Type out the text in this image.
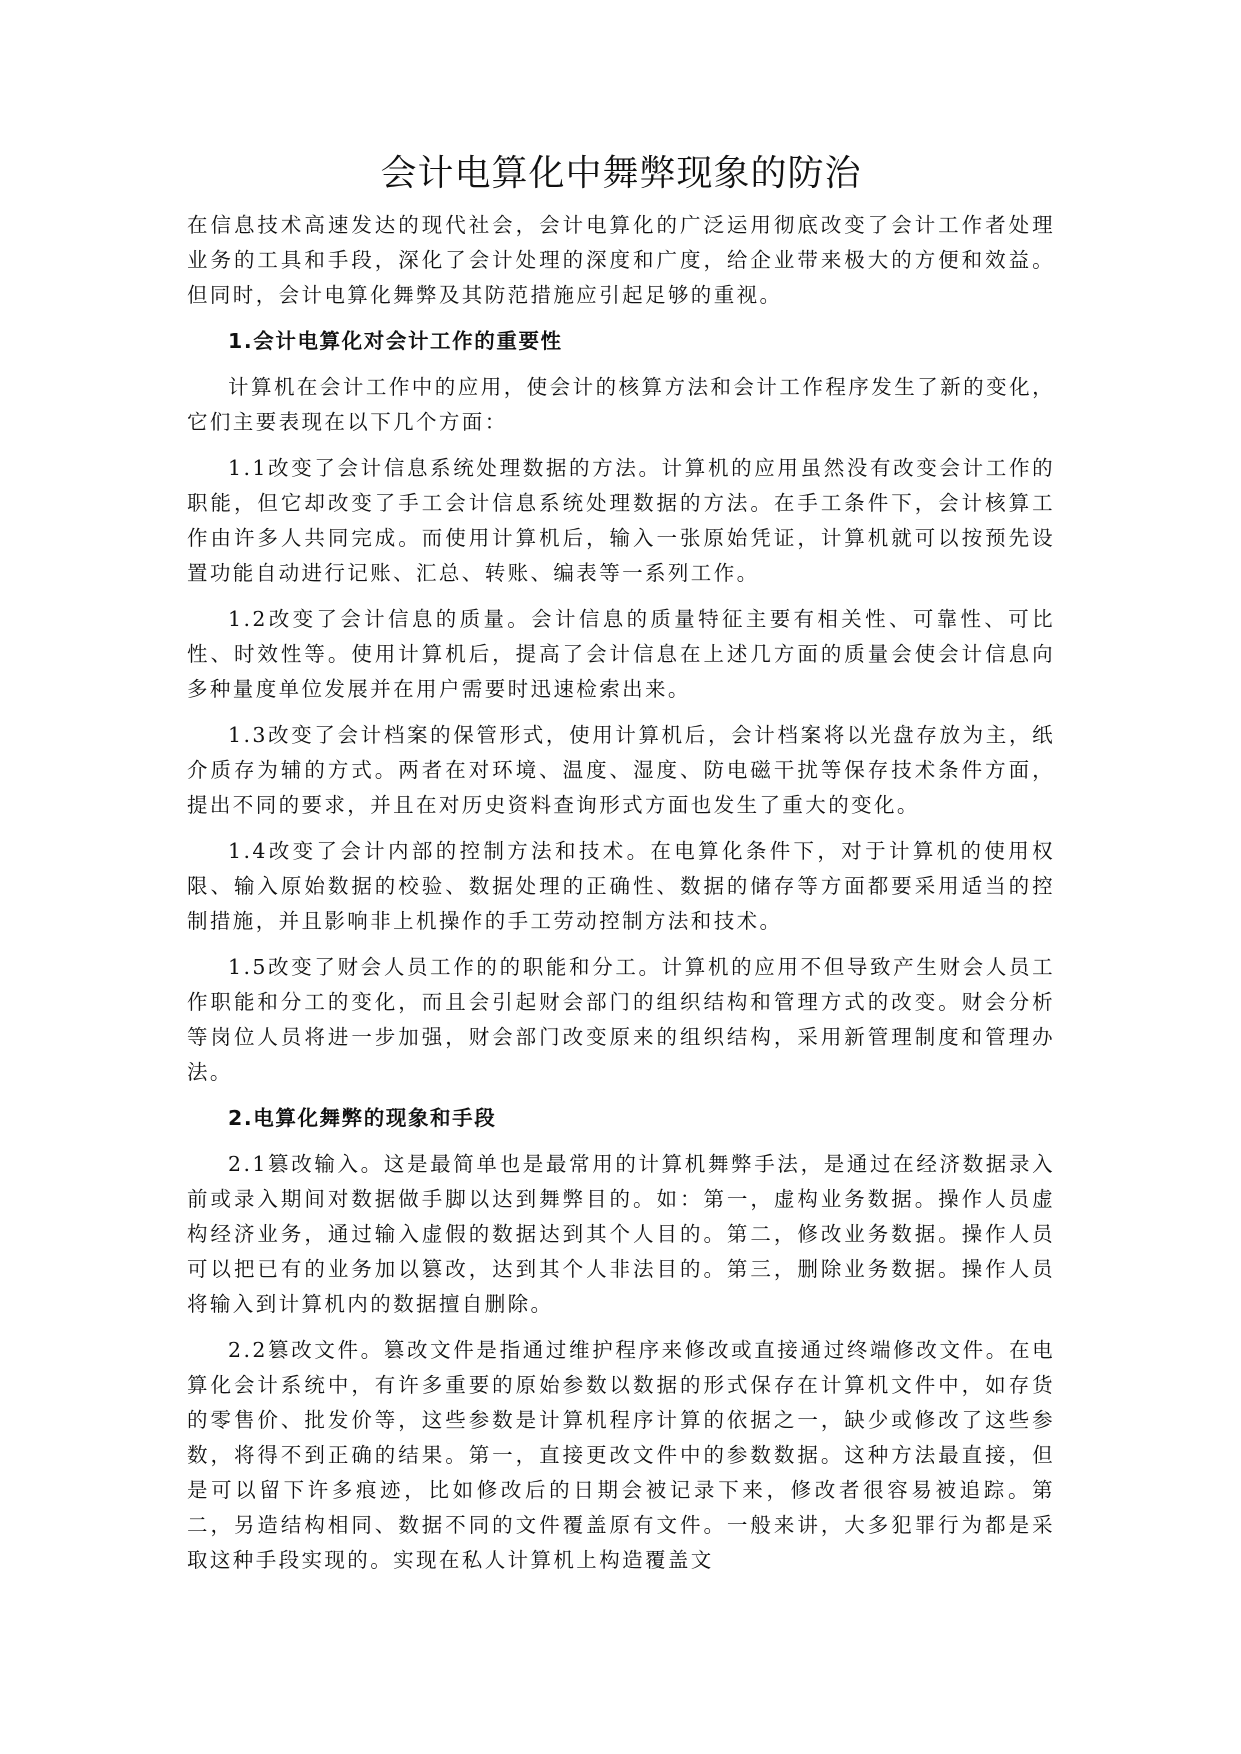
会计电算化中舞弊现象的防治

在信息技术高速发达的现代社会，会计电算化的广泛运用彻底改变了会计工作者处理业务的工具和手段，深化了会计处理的深度和广度，给企业带来极大的方便和效益。但同时，会计电算化舞弊及其防范措施应引起足够的重视。

1.会计电算化对会计工作的重要性

计算机在会计工作中的应用，使会计的核算方法和会计工作程序发生了新的变化，它们主要表现在以下几个方面：

1.1改变了会计信息系统处理数据的方法。计算机的应用虽然没有改变会计工作的职能，但它却改变了手工会计信息系统处理数据的方法。在手工条件下，会计核算工作由许多人共同完成。而使用计算机后，输入一张原始凭证，计算机就可以按预先设置功能自动进行记账、汇总、转账、编表等一系列工作。

1.2改变了会计信息的质量。会计信息的质量特征主要有相关性、可靠性、可比性、时效性等。使用计算机后，提高了会计信息在上述几方面的质量会使会计信息向多种量度单位发展并在用户需要时迅速检索出来。

1.3改变了会计档案的保管形式，使用计算机后，会计档案将以光盘存放为主，纸介质存为辅的方式。两者在对环境、温度、湿度、防电磁干扰等保存技术条件方面，提出不同的要求，并且在对历史资料查询形式方面也发生了重大的变化。

1.4改变了会计内部的控制方法和技术。在电算化条件下，对于计算机的使用权限、输入原始数据的校验、数据处理的正确性、数据的储存等方面都要采用适当的控制措施，并且影响非上机操作的手工劳动控制方法和技术。

1.5改变了财会人员工作的的职能和分工。计算机的应用不但导致产生财会人员工作职能和分工的变化，而且会引起财会部门的组织结构和管理方式的改变。财会分析等岗位人员将进一步加强，财会部门改变原来的组织结构，采用新管理制度和管理办法。

2.电算化舞弊的现象和手段

2.1篡改输入。这是最简单也是最常用的计算机舞弊手法，是通过在经济数据录入前或录入期间对数据做手脚以达到舞弊目的。如：第一，虚构业务数据。操作人员虚构经济业务，通过输入虚假的数据达到其个人目的。第二，修改业务数据。操作人员可以把已有的业务加以篡改，达到其个人非法目的。第三，删除业务数据。操作人员将输入到计算机内的数据擅自删除。

2.2篡改文件。篡改文件是指通过维护程序来修改或直接通过终端修改文件。在电算化会计系统中，有许多重要的原始参数以数据的形式保存在计算机文件中，如存货的零售价、批发价等，这些参数是计算机程序计算的依据之一，缺少或修改了这些参数，将得不到正确的结果。第一，直接更改文件中的参数数据。这种方法最直接，但是可以留下许多痕迹，比如修改后的日期会被记录下来，修改者很容易被追踪。第二，另造结构相同、数据不同的文件覆盖原有文件。一般来讲，大多犯罪行为都是采取这种手段实现的。实现在私人计算机上构造覆盖文
